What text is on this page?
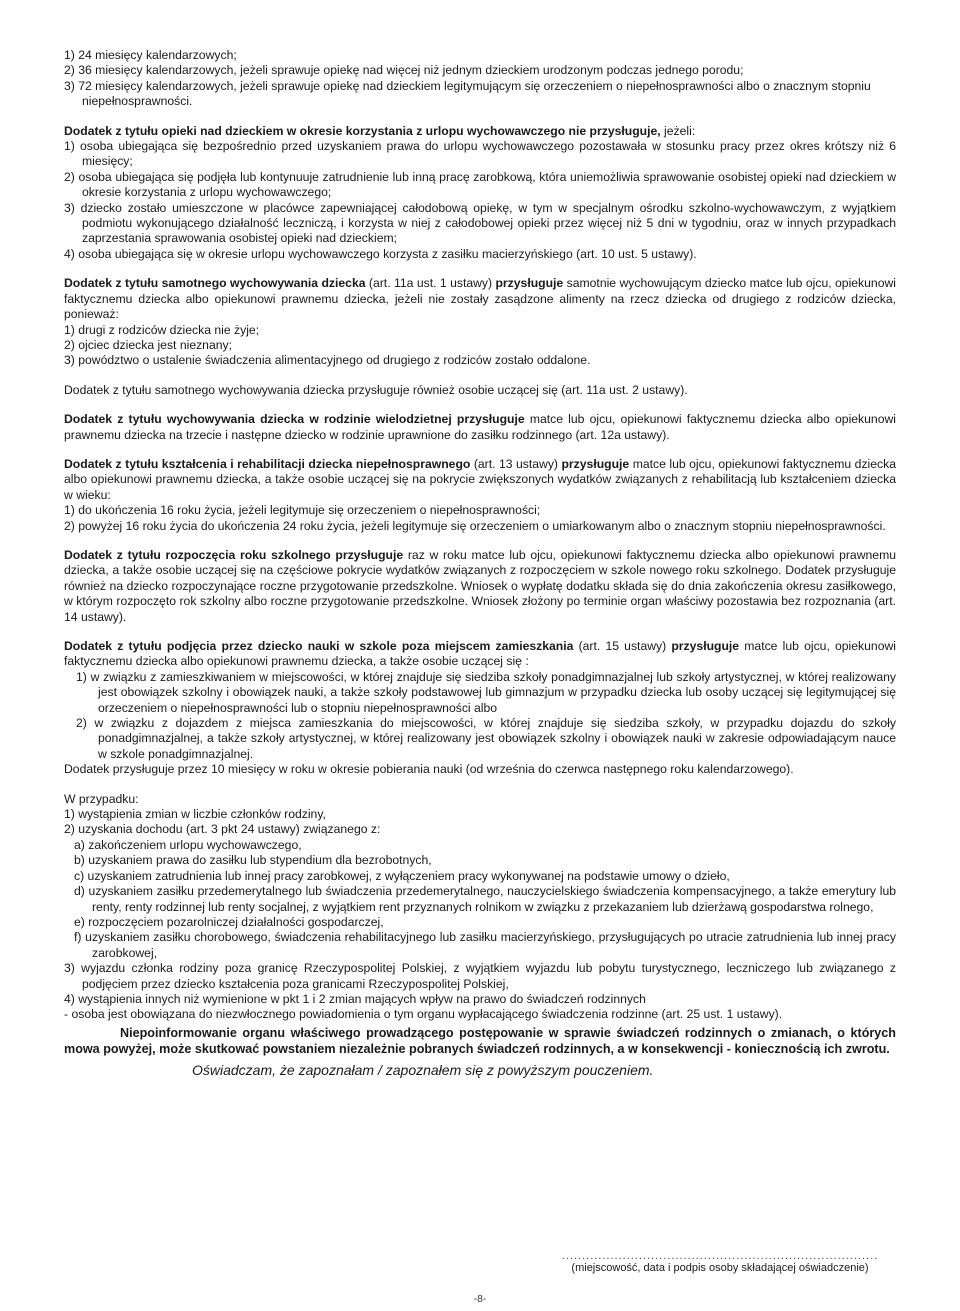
1) 24 miesięcy kalendarzowych;

2) 36 miesięcy kalendarzowych, jeżeli sprawuje opiekę nad więcej niż jednym dzieckiem urodzonym podczas jednego porodu;

3) 72 miesięcy kalendarzowych, jeżeli sprawuje opiekę nad dzieckiem legitymującym się orzeczeniem o niepełnosprawności albo o znacznym stopniu niepełnosprawności.

Dodatek z tytułu opieki nad dzieckiem w okresie korzystania z urlopu wychowawczego nie przysługuje, jeżeli:

1) osoba ubiegająca się bezpośrednio przed uzyskaniem prawa do urlopu wychowawczego pozostawała w stosunku pracy przez okres krótszy niż 6 miesięcy;

2) osoba ubiegająca się podjęła lub kontynuuje zatrudnienie lub inną pracę zarobkową, która uniemożliwia sprawowanie osobistej opieki nad dzieckiem w okresie korzystania z urlopu wychowawczego;

3) dziecko zostało umieszczone w placówce zapewniającej całodobową opiekę, w tym w specjalnym ośrodku szkolno-wychowawczym, z wyjątkiem podmiotu wykonującego działalność leczniczą, i korzysta w niej z całodobowej opieki przez więcej niż 5 dni w tygodniu, oraz w innych przypadkach zaprzestania sprawowania osobistej opieki nad dzieckiem;

4) osoba ubiegająca się w okresie urlopu wychowawczego korzysta z zasiłku macierzyńskiego (art. 10 ust. 5 ustawy).

Dodatek z tytułu samotnego wychowywania dziecka (art. 11a ust. 1 ustawy) przysługuje samotnie wychowującym dziecko matce lub ojcu, opiekunowi faktycznemu dziecka albo opiekunowi prawnemu dziecka, jeżeli nie zostały zasądzone alimenty na rzecz dziecka od drugiego z rodziców dziecka, ponieważ:

1) drugi z rodziców dziecka nie żyje;

2) ojciec dziecka jest nieznany;

3) powództwo o ustalenie świadczenia alimentacyjnego od drugiego z rodziców zostało oddalone.

Dodatek z tytułu samotnego wychowywania dziecka przysługuje również osobie uczącej się (art. 11a ust. 2 ustawy).

Dodatek z tytułu wychowywania dziecka w rodzinie wielodzietnej przysługuje matce lub ojcu, opiekunowi faktycznemu dziecka albo opiekunowi prawnemu dziecka na trzecie i następne dziecko w rodzinie uprawnione do zasiłku rodzinnego (art. 12a ustawy).

Dodatek z tytułu kształcenia i rehabilitacji dziecka niepełnosprawnego (art. 13 ustawy) przysługuje matce lub ojcu, opiekunowi faktycznemu dziecka albo opiekunowi prawnemu dziecka, a także osobie uczącej się na pokrycie zwiększonych wydatków związanych z rehabilitacją lub kształceniem dziecka w wieku:

1) do ukończenia 16 roku życia, jeżeli legitymuje się orzeczeniem o niepełnosprawności;

2) powyżej 16 roku życia do ukończenia 24 roku życia, jeżeli legitymuje się orzeczeniem o umiarkowanym albo o znacznym stopniu niepełnosprawności.

Dodatek z tytułu rozpoczęcia roku szkolnego przysługuje raz w roku matce lub ojcu, opiekunowi faktycznemu dziecka albo opiekunowi prawnemu dziecka, a także osobie uczącej się na częściowe pokrycie wydatków związanych z rozpoczęciem w szkole nowego roku szkolnego. Dodatek przysługuje również na dziecko rozpoczynające roczne przygotowanie przedszkolne. Wniosek o wypłatę dodatku składa się do dnia zakończenia okresu zasiłkowego, w którym rozpoczęto rok szkolny albo roczne przygotowanie przedszkolne. Wniosek złożony po terminie organ właściwy pozostawia bez rozpoznania (art. 14 ustawy).

Dodatek z tytułu podjęcia przez dziecko nauki w szkole poza miejscem zamieszkania (art. 15 ustawy) przysługuje matce lub ojcu, opiekunowi faktycznemu dziecka albo opiekunowi prawnemu dziecka, a także osobie uczącej się :

1) w związku z zamieszkiwaniem w miejscowości, w której znajduje się siedziba szkoły ponadgimnazjalnej lub szkoły artystycznej, w której realizowany jest obowiązek szkolny i obowiązek nauki, a także szkoły podstawowej lub gimnazjum w przypadku dziecka lub osoby uczącej się legitymującej się orzeczeniem o niepełnosprawności lub o stopniu niepełnosprawności albo

2) w związku z dojazdem z miejsca zamieszkania do miejscowości, w której znajduje się siedziba szkoły, w przypadku dojazdu do szkoły ponadgimnazjalnej, a także szkoły artystycznej, w której realizowany jest obowiązek szkolny i obowiązek nauki w zakresie odpowiadającym nauce w szkole ponadgimnazjalnej.

Dodatek przysługuje przez 10 miesięcy w roku w okresie pobierania nauki (od września do czerwca następnego roku kalendarzowego).

W przypadku:

1) wystąpienia zmian w liczbie członków rodziny,

2) uzyskania dochodu (art. 3 pkt 24 ustawy) związanego z:

a) zakończeniem urlopu wychowawczego,

b) uzyskaniem prawa do zasiłku lub stypendium dla bezrobotnych,

c) uzyskaniem zatrudnienia lub innej pracy zarobkowej, z wyłączeniem pracy wykonywanej na podstawie umowy o dzieło,

d) uzyskaniem zasiłku przedemerytalnego lub świadczenia przedemerytalnego, nauczycielskiego świadczenia kompensacyjnego, a także emerytury lub renty, renty rodzinnej lub renty socjalnej, z wyjątkiem rent przyznanych rolnikom w związku z przekazaniem lub dzierżawą gospodarstwa rolnego,

e) rozpoczęciem pozarolniczej działalności gospodarczej,

f) uzyskaniem zasiłku chorobowego, świadczenia rehabilitacyjnego lub zasiłku macierzyńskiego, przysługujących po utracie zatrudnienia lub innej pracy zarobkowej,

3) wyjazdu członka rodziny poza granicę Rzeczypospolitej Polskiej, z wyjątkiem wyjazdu lub pobytu turystycznego, leczniczego lub związanego z podjęciem przez dziecko kształcenia poza granicami Rzeczypospolitej Polskiej,

4) wystąpienia innych niż wymienione w pkt 1 i 2 zmian mających wpływ na prawo do świadczeń rodzinnych

- osoba jest obowiązana do niezwłocznego powiadomienia o tym organu wypłacającego świadczenia rodzinne (art. 25 ust. 1 ustawy).

Niepoinformowanie organu właściwego prowadzącego postępowanie w sprawie świadczeń rodzinnych o zmianach, o których mowa powyżej, może skutkować powstaniem niezależnie pobranych świadczeń rodzinnych, a w konsekwencji - koniecznością ich zwrotu.

Oświadczam, że zapoznałam / zapoznałem się z powyższym pouczeniem.

..............................................................................
(miejscowość, data i podpis osoby składającej oświadczenie)
-8-
